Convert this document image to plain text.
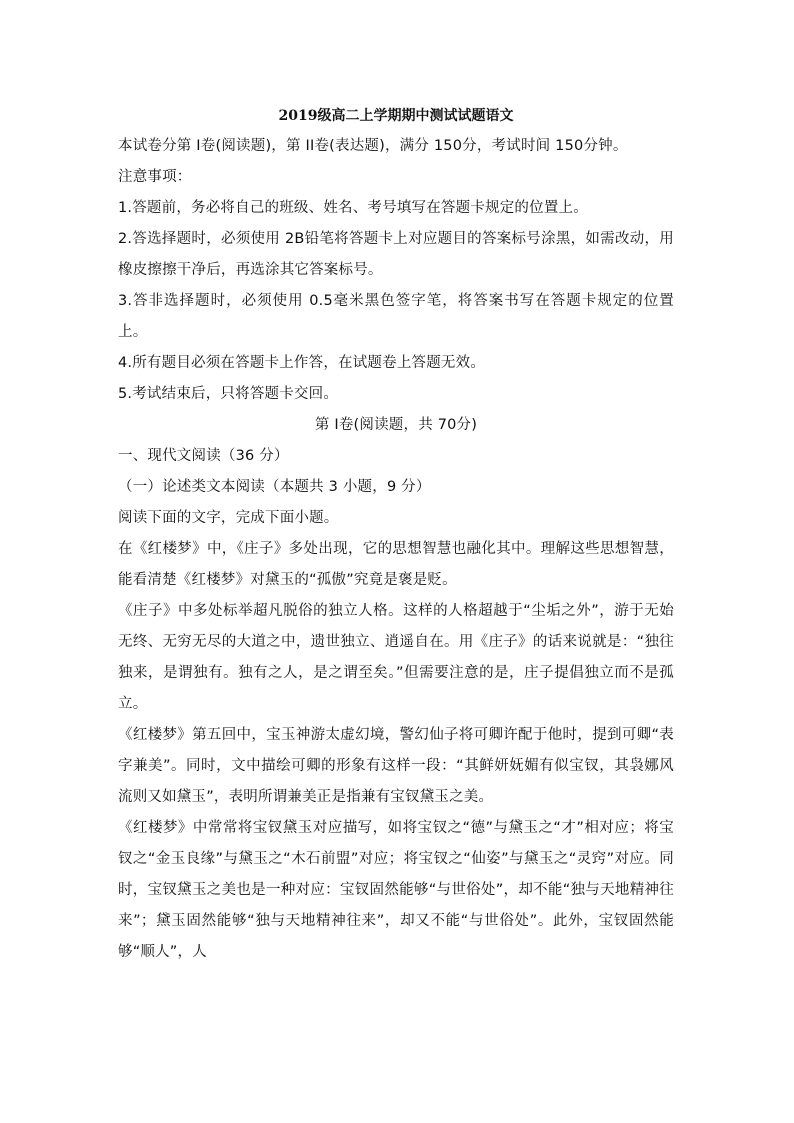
2019级高二上学期期中测试试题语文

本试卷分第 I卷(阅读题)，第 II卷(表达题)，满分 150分，考试时间 150分钟。

注意事项：

1.答题前，务必将自己的班级、姓名、考号填写在答题卡规定的位置上。

2.答选择题时，必须使用 2B铅笔将答题卡上对应题目的答案标号涂黑，如需改动，用橡皮擦擦干净后，再选涂其它答案标号。

3.答非选择题时，必须使用 0.5毫米黑色签字笔，将答案书写在答题卡规定的位置上。

4.所有题目必须在答题卡上作答，在试题卷上答题无效。

5.考试结束后，只将答题卡交回。

第 I卷(阅读题，共 70分)

一、现代文阅读（36 分）

（一）论述类文本阅读（本题共 3 小题，9 分）

阅读下面的文字，完成下面小题。

在《红楼梦》中，《庄子》多处出现，它的思想智慧也融化其中。理解这些思想智慧，能看清楚《红楼梦》对黛玉的“孤傲”究竟是褒是贬。

《庄子》中多处标举超凡脱俗的独立人格。这样的人格超越于“尘垢之外”，游于无始无终、无穷无尽的大道之中，遗世独立、逍遥自在。用《庄子》的话来说就是：“独往独来，是谓独有。独有之人，是之谓至矣。”但需要注意的是，庄子提倡独立而不是孤立。

《红楼梦》第五回中，宝玉神游太虚幻境，警幻仙子将可卿许配于他时，提到可卿“表字兼美”。同时，文中描绘可卿的形象有这样一段：“其鲜妍妩媚有似宝钗，其袅娜风流则又如黛玉”，表明所谓兼美正是指兼有宝钗黛玉之美。

《红楼梦》中常常将宝钗黛玉对应描写，如将宝钗之“德”与黛玉之“才”相对应；将宝钗之“金玉良缘”与黛玉之“木石前盟”对应；将宝钗之“仙姿”与黛玉之“灵窍”对应。同时，宝钗黛玉之美也是一种对应：宝钗固然能够“与世俗处”，却不能“独与天地精神往来”；黛玉固然能够“独与天地精神往来”，却又不能“与世俗处”。此外，宝钗固然能够“顺人”，人
